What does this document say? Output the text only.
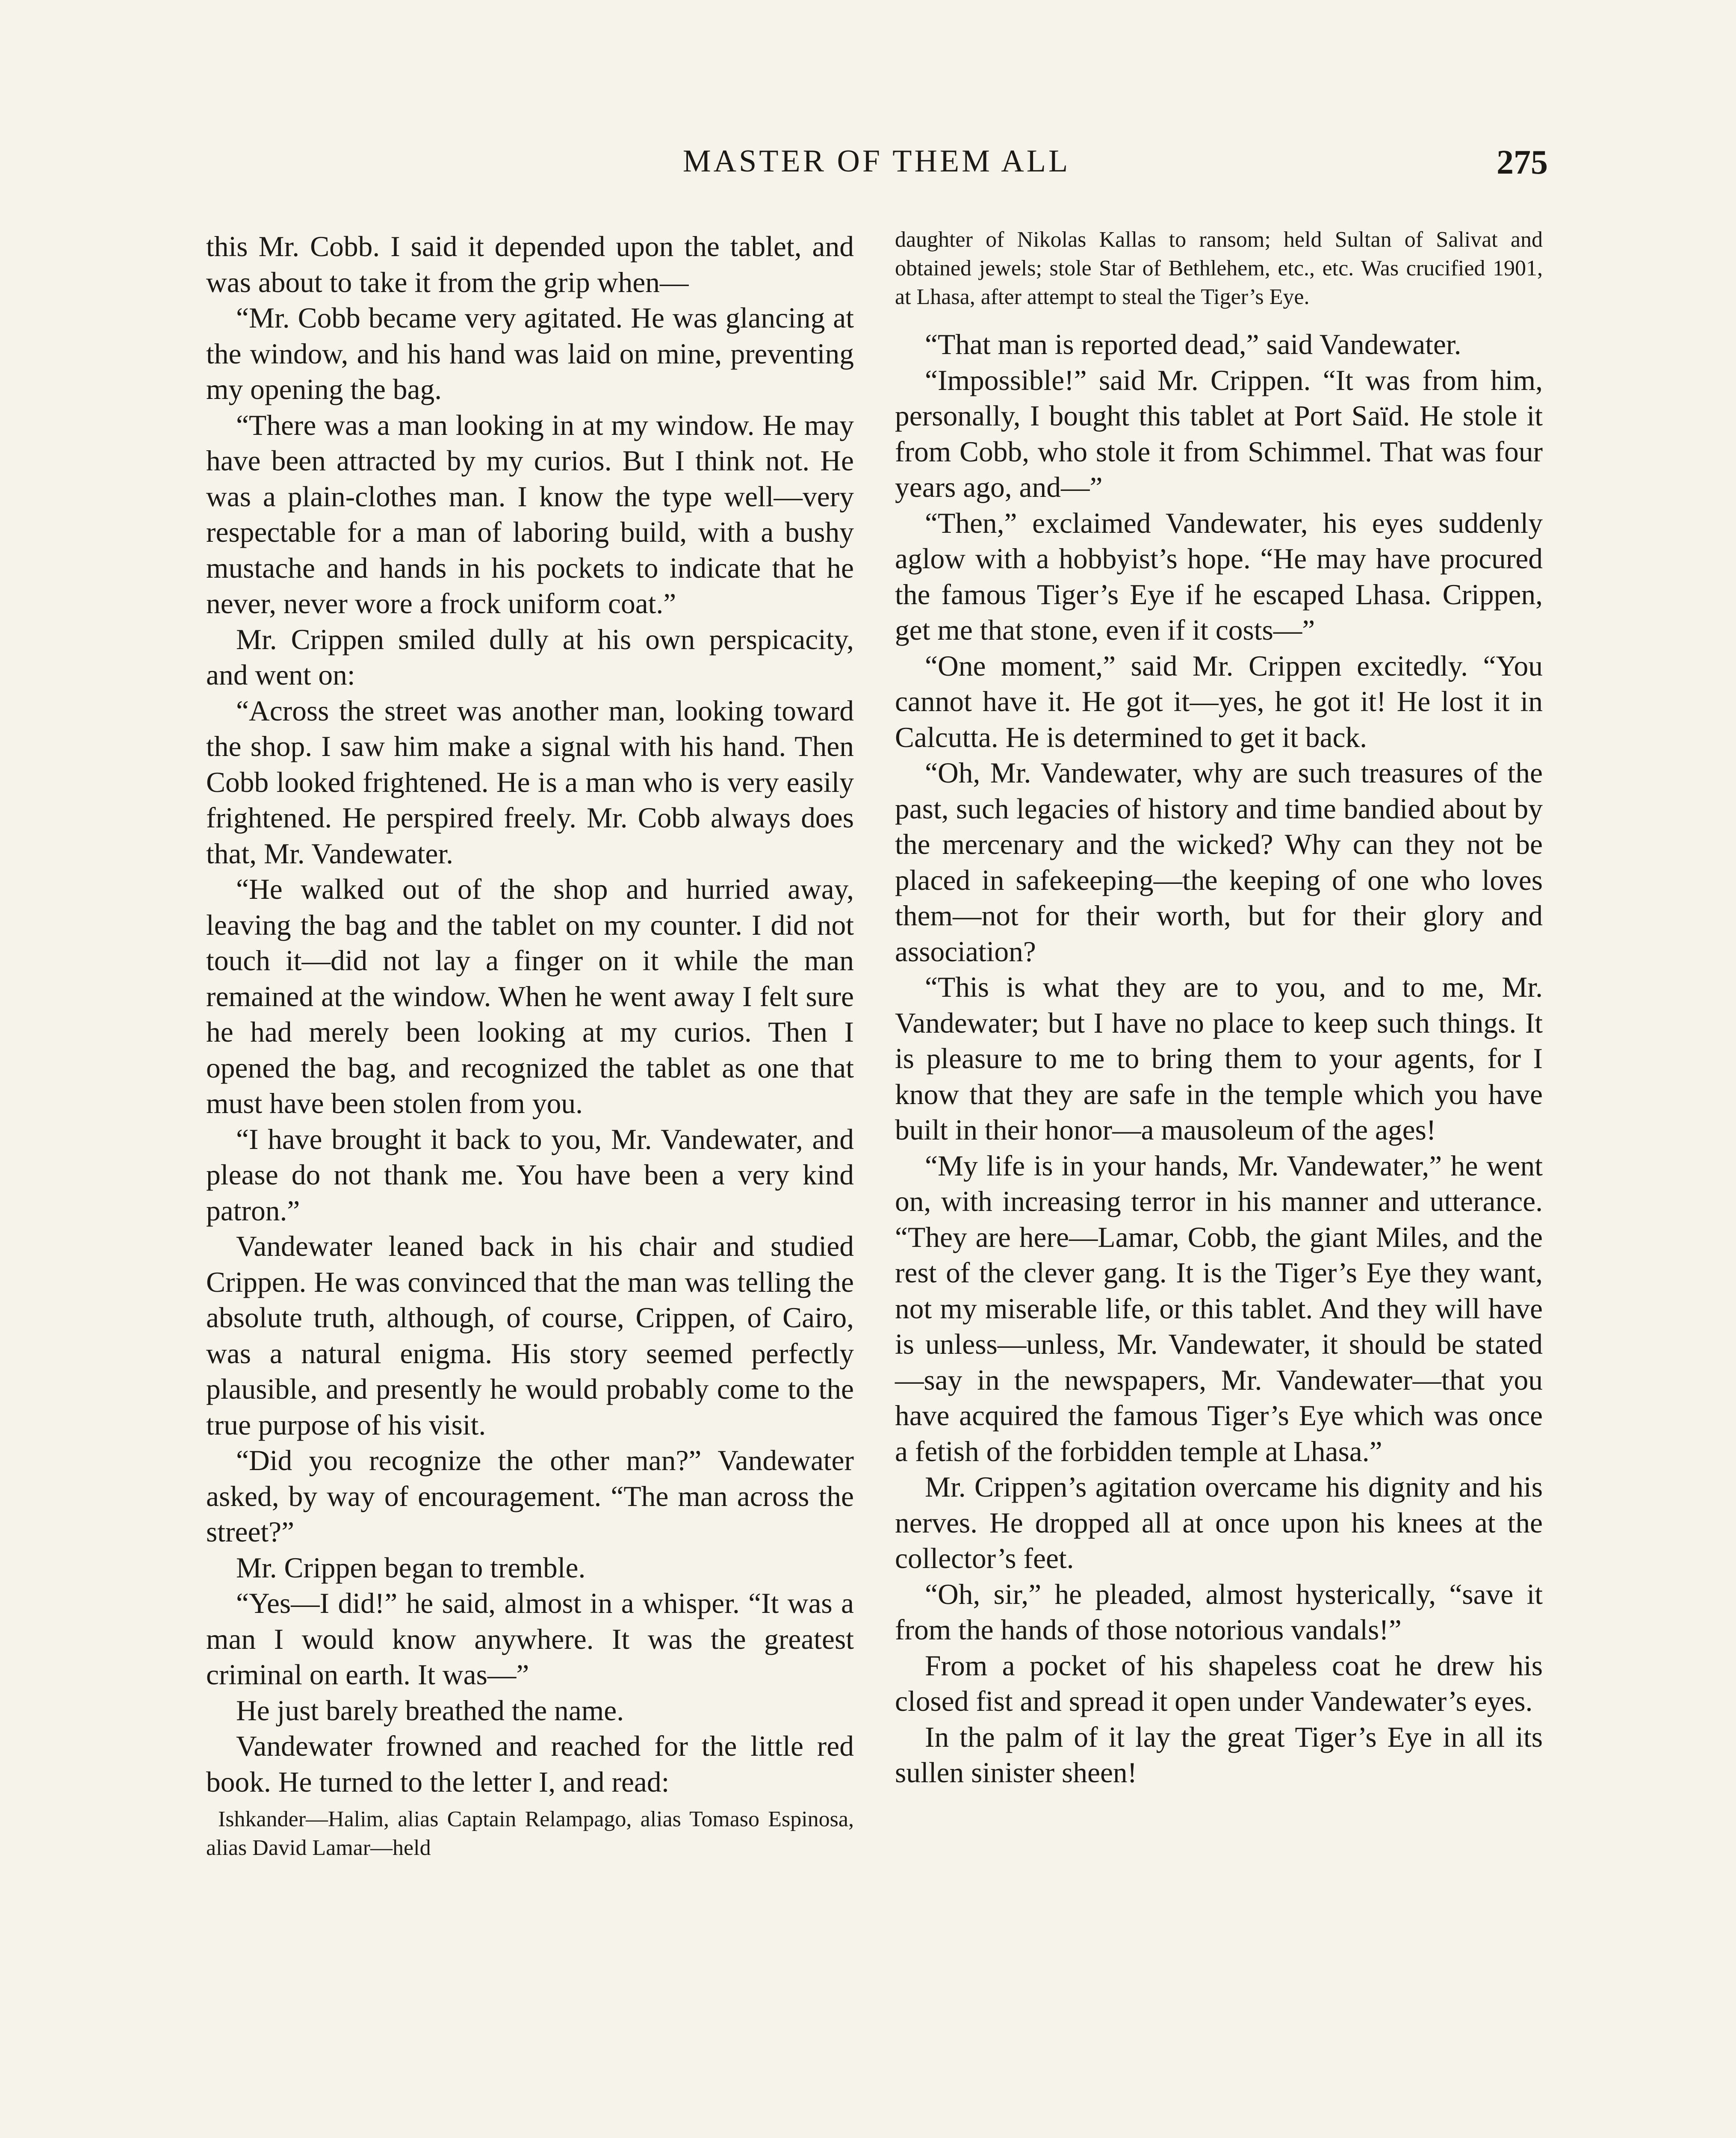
MASTER OF THEM ALL	275

this Mr. Cobb. I said it depended upon the tablet, and was about to take it from the grip when—

“Mr. Cobb became very agitated. He was glancing at the window, and his hand was laid on mine, preventing my opening the bag.

“There was a man looking in at my window. He may have been attracted by my curios. But I think not. He was a plain-clothes man. I know the type well—very respectable for a man of laboring build, with a bushy mustache and hands in his pockets to indicate that he never, never wore a frock uniform coat.”

Mr. Crippen smiled dully at his own perspicacity, and went on:

“Across the street was another man, looking toward the shop. I saw him make a signal with his hand. Then Cobb looked frightened. He is a man who is very easily frightened. He perspired freely. Mr. Cobb always does that, Mr. Vandewater.

“He walked out of the shop and hurried away, leaving the bag and the tablet on my counter. I did not touch it—did not lay a finger on it while the man remained at the window. When he went away I felt sure he had merely been looking at my curios. Then I opened the bag, and recognized the tablet as one that must have been stolen from you.

“I have brought it back to you, Mr. Vandewater, and please do not thank me. You have been a very kind patron.”

Vandewater leaned back in his chair and studied Crippen. He was convinced that the man was telling the absolute truth, although, of course, Crippen, of Cairo, was a natural enigma. His story seemed perfectly plausible, and presently he would probably come to the true purpose of his visit.

“Did you recognize the other man?” Vandewater asked, by way of encouragement. “The man across the street?”

Mr. Crippen began to tremble.

“Yes—I did!” he said, almost in a whisper. “It was a man I would know anywhere. It was the greatest criminal on earth. It was—”

He just barely breathed the name.

Vandewater frowned and reached for the little red book. He turned to the letter I, and read:

Ishkander—Halim, alias Captain Relampago, alias Tomaso Espinosa, alias David Lamar—held

daughter of Nikolas Kallas to ransom; held Sultan of Salivat and obtained jewels; stole Star of Bethlehem, etc., etc. Was crucified 1901, at Lhasa, after attempt to steal the Tiger’s Eye.

“That man is reported dead,” said Vandewater.

“Impossible!” said Mr. Crippen. “It was from him, personally, I bought this tablet at Port Saïd. He stole it from Cobb, who stole it from Schimmel. That was four years ago, and—”

“Then,” exclaimed Vandewater, his eyes suddenly aglow with a hobbyist’s hope. “He may have procured the famous Tiger’s Eye if he escaped Lhasa. Crippen, get me that stone, even if it costs—”

“One moment,” said Mr. Crippen excitedly. “You cannot have it. He got it—yes, he got it! He lost it in Calcutta. He is determined to get it back.

“Oh, Mr. Vandewater, why are such treasures of the past, such legacies of history and time bandied about by the mercenary and the wicked? Why can they not be placed in safekeeping—the keeping of one who loves them—not for their worth, but for their glory and association?

“This is what they are to you, and to me, Mr. Vandewater; but I have no place to keep such things. It is pleasure to me to bring them to your agents, for I know that they are safe in the temple which you have built in their honor—a mausoleum of the ages!

“My life is in your hands, Mr. Vandewater,” he went on, with increasing terror in his manner and utterance. “They are here—Lamar, Cobb, the giant Miles, and the rest of the clever gang. It is the Tiger’s Eye they want, not my miserable life, or this tablet. And they will have is unless—unless, Mr. Vandewater, it should be stated—say in the newspapers, Mr. Vandewater—that you have acquired the famous Tiger’s Eye which was once a fetish of the forbidden temple at Lhasa.”

Mr. Crippen’s agitation overcame his dignity and his nerves. He dropped all at once upon his knees at the collector’s feet.

“Oh, sir,” he pleaded, almost hysterically, “save it from the hands of those notorious vandals!”

From a pocket of his shapeless coat he drew his closed fist and spread it open under Vandewater’s eyes.

In the palm of it lay the great Tiger’s Eye in all its sullen sinister sheen!
